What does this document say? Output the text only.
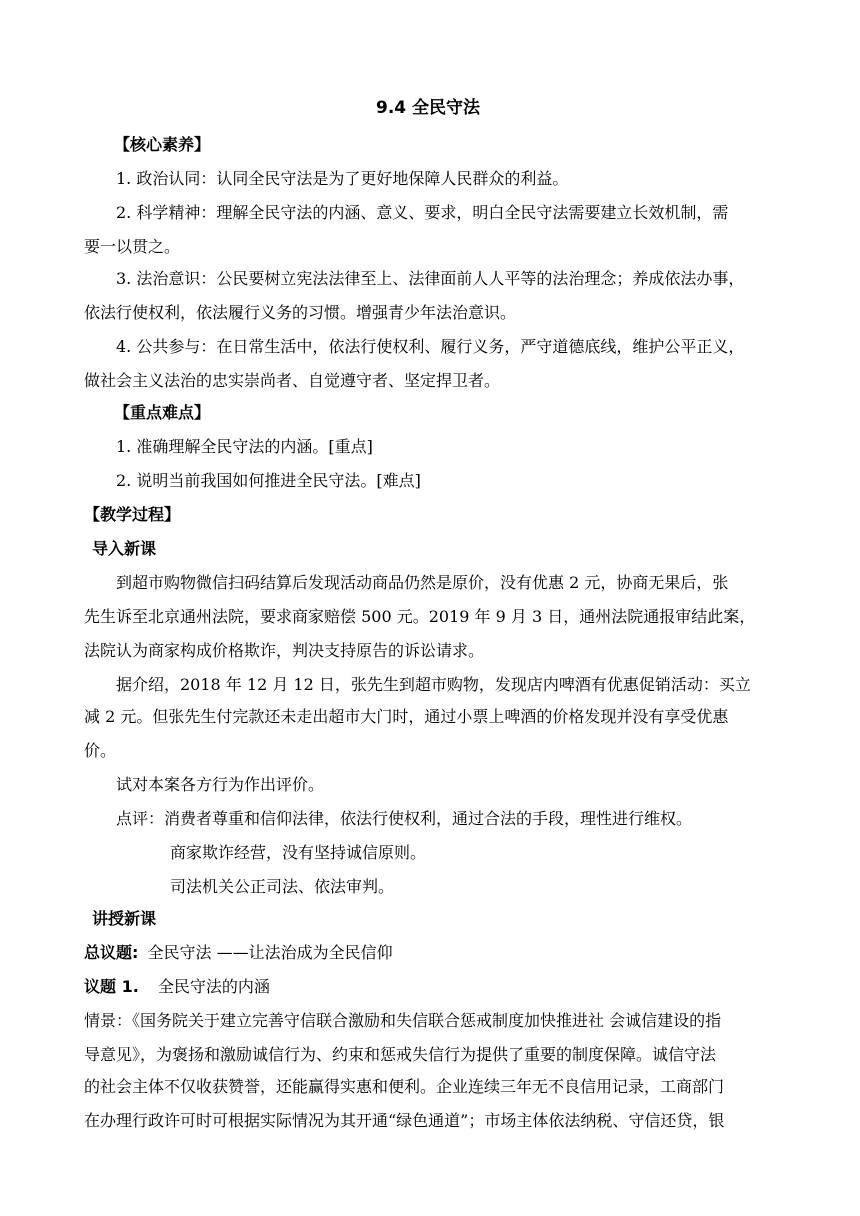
9.4 全民守法
【核心素养】
1. 政治认同：认同全民守法是为了更好地保障人民群众的利益。
2. 科学精神：理解全民守法的内涵、意义、要求，明白全民守法需要建立长效机制，需
要一以贯之。
3. 法治意识：公民要树立宪法法律至上、法律面前人人平等的法治理念；养成依法办事，
依法行使权利，依法履行义务的习惯。增强青少年法治意识。
4. 公共参与：在日常生活中，依法行使权利、履行义务，严守道德底线，维护公平正义，
做社会主义法治的忠实崇尚者、自觉遵守者、坚定捍卫者。
【重点难点】
1. 准确理解全民守法的内涵。[重点]
2. 说明当前我国如何推进全民守法。[难点]
【教学过程】
导入新课
到超市购物微信扫码结算后发现活动商品仍然是原价，没有优惠 2 元，协商无果后，张
先生诉至北京通州法院，要求商家赔偿 500 元。2019 年 9 月 3 日，通州法院通报审结此案，
法院认为商家构成价格欺诈，判决支持原告的诉讼请求。
据介绍，2018 年 12 月 12 日，张先生到超市购物，发现店内啤酒有优惠促销活动：买立
减 2 元。但张先生付完款还未走出超市大门时，通过小票上啤酒的价格发现并没有享受优惠
价。
试对本案各方行为作出评价。
点评：消费者尊重和信仰法律，依法行使权利，通过合法的手段，理性进行维权。
商家欺诈经营，没有坚持诚信原则。
司法机关公正司法、依法审判。
讲授新课
总议题: 全民守法 ——让法治成为全民信仰
议题 1. 全民守法的内涵
情景：《国务院关于建立完善守信联合激励和失信联合惩戒制度加快推进社 会诚信建设的指
导意见》，为褒扬和激励诚信行为、约束和惩戒失信行为提供了重要的制度保障。诚信守法
的社会主体不仅收获赞誉，还能赢得实惠和便利。企业连续三年无不良信用记录，工商部门
在办理行政许可时可根据实际情况为其开通“绿色通道”；市场主体依法纳税、守信还贷，银
